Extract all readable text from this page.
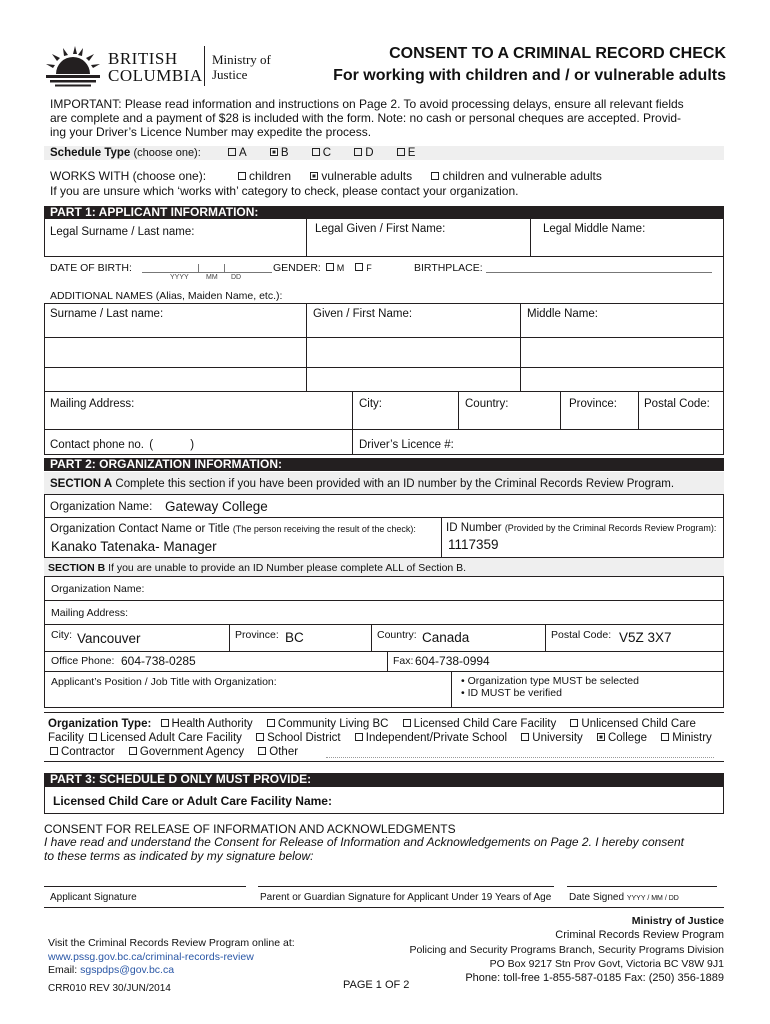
BRITISH
COLUMBIA
Ministry of
Justice
CONSENT TO A CRIMINAL RECORD CHECK
For working with children and / or vulnerable adults
IMPORTANT: Please read information and instructions on Page 2. To avoid processing delays, ensure all relevant fields
are complete and a payment of $28 is included with the form. Note: no cash or personal cheques are accepted. Provid-
ing your Driver’s Licence Number may expedite the process.
Schedule Type (choose one):	A	B	C	D	E
WORKS WITH (choose one):	children	vulnerable adults	children and vulnerable adults
If you are unsure which ‘works with’ category to check, please contact your organization.
PART 1: APPLICANT INFORMATION:
Legal Surname / Last name:	Legal Given / First Name:	Legal Middle Name:
DATE OF BIRTH:
YYYY MM DD
GENDER: M F	BIRTHPLACE:
ADDITIONAL NAMES (Alias, Maiden Name, etc.):
Surname / Last name:	Given / First Name:	Middle Name:
Mailing Address:	City:	Country:	Province: Postal Code:
Contact phone no. (	)	Driver’s Licence #:
PART 2: ORGANIZATION INFORMATION:
SECTION A Complete this section if you have been provided with an ID number by the Criminal Records Review Program.
Organization Name: Gateway College
Organization Contact Name or Title (The person receiving the result of the check):
Kanako Tatenaka- Manager
ID Number (Provided by the Criminal Records Review Program):
1117359
SECTION B If you are unable to provide an ID Number please complete ALL of Section B.
Organization Name:
Mailing Address:
City: Vancouver	Province: BC	Country: Canada	Postal Code: V5Z 3X7
Office Phone: 604-738-0285	Fax: 604-738-0994
Applicant’s Position / Job Title with Organization:	• Organization type MUST be selected
• ID MUST be verified
Organization Type: Health Authority Community Living BC Licensed Child Care Facility Unlicensed Child Care
Facility Licensed Adult Care Facility School District Independent/Private School University College Ministry
Contractor Government Agency Other
PART 3: SCHEDULE D ONLY MUST PROVIDE:
Licensed Child Care or Adult Care Facility Name:
CONSENT FOR RELEASE OF INFORMATION AND ACKNOWLEDGMENTS
I have read and understand the Consent for Release of Information and Acknowledgements on Page 2. I hereby consent
to these terms as indicated by my signature below:
Applicant Signature	Parent or Guardian Signature for Applicant Under 19 Years of Age Date Signed YYYY / MM / DD
Ministry of Justice
Criminal Records Review Program
Policing and Security Programs Branch, Security Programs Division
PO Box 9217 Stn Prov Govt, Victoria BC V8W 9J1
Phone: toll-free 1-855-587-0185 Fax: (250) 356-1889
Visit the Criminal Records Review Program online at:
www.pssg.gov.bc.ca/criminal-records-review
Email: sgspdps@gov.bc.ca
CRR010 REV 30/JUN/2014	PAGE 1 OF 2
